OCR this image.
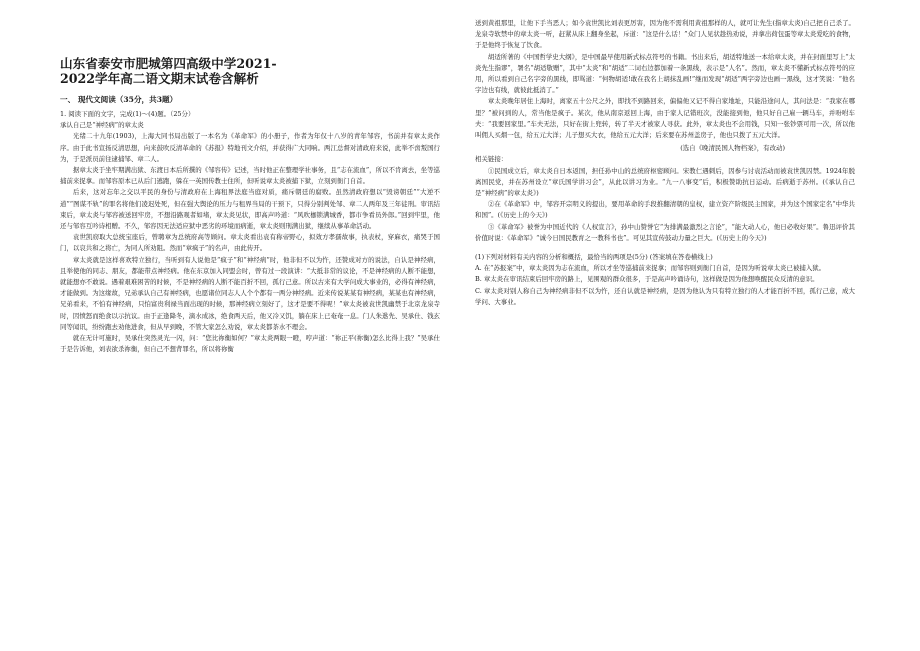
山东省泰安市肥城第四高级中学2021-
2022学年高二语文期末试卷含解析
一、 现代文阅读（35分，共3题）

1. 阅读下面的文字，完成(1)～(4)题。（25分）

承认自己是“神经病”的章太炎

光绪二十九年(1903)，上海大同书局出版了一本名为《革命军》的小册子，作者为年仅十八岁的青年邹容，书前并有章太炎作序。由于此书宣扬反清思想，向来鼓吹反清革命的《苏报》特地刊文介绍，并获得广大同响。两江总督对清政府来说，此举不啻叛国行为，于是派员前往逮捕邹、章二人。

据章太炎于坐牢期满出狱、东渡日本后所撰的《邹容传》记述，当时他正在整理学社事务，且“志在流血”，所以不肯离去，坐等巡捕前来捉拿。而邹容原本已从后门逃跑，躲在一英国传教士住所，但听说章太炎被捕下狱，立刻到衙门自首。

后来，这对忘年之交以平民的身份与清政府在上海租界法庭当庭对质，痛斥朝廷的腐败。虽然清政府想以“毁谤朝廷”“大逆不道”“图谋不轨”的罪名将他们凌迟处死，但在强大舆论的压力与租界当局的干预下，只得分别判处邹、章二人两年及三年徒刑。审讯结束后，章太炎与邹容被送回牢房，不想沿路观者如堵，章太炎见状，即高声吟道：“风吹枷锁满城香，都市争看员外郎。”回到牢里，他还与邹容互吟诗相赠。不久，邹容因无法适应狱中恶劣的环境而病逝，章太炎则刑满出狱，继续从事革命活动。

袁世凯窃取大总统宝座后，曾聘章为总统府高等顾问。章太炎看出袁有称帝野心，拟效方孝孺故事，执表杖，穿麻衣，痛哭于国门，以哀共和之将亡，为同人所劝阻。然而“章疯子”的名声，由此传开。

章太炎就是这样喜欢特立独行，当听到有人说他是“疯子”和“神经病”时，他非但不以为忤，还赞成对方的说法，自认是神经病，且举使他的同志、朋友，都能带点神经病。他在东京加入同盟会时，曾有过一段演讲：“大抵非常的议论，不是神经病的人断不能想，就能想亦不敢说。遇着艰难困苦的时候，不是神经病的人断不能百折不回，孤行己意。所以古来有大学问成大事业的，必得有神经病，才能做到。为这缘故，兄弟承认自己有神经病，也愿诸位同志人人个个都有一两分神经病。近来传说某某有神经病，某某也有神经病，兄弟看来，不怕有神经病，只怕富贵利禄当面出现的时候，那神经病立刻好了，这才是要不得呢！”章太炎被袁世凯幽禁于北京龙泉寺时，因愤怒而绝食以示抗议。由于正逢降冬，滴水成冰，绝食两天后，他又冷又饥，躺在床上已奄奄一息。门人朱逖先、吴承仕、钱玄同等闻讯，纷纷跑去劝他进食，但从早到晚，不管大家怎么劝说，章太炎都茶水不理会。

就在无计可施时，吴承仕突然灵光一闪，问：“您比祢衡如何？”章太炎两眼一瞪，哼声道：“祢正平(祢衡)怎么比得上我？”吴承仕于是告诉他，刘表欲杀祢衡，但自己不想背罪名，所以将祢衡

送到黄祖那里，让他下手当恶人；如今袁世凯比刘表更厉害，因为他不需利用黄祖那样的人，就可让先生(指章太炎)自己把自己杀了。龙泉寺软禁中的章太炎一听，赶紧从床上翻身坐起，斥道：“这是什么话！”众门人见状趁热劝说，并拿出荷包蛋等章太炎爱吃的食物，于是他终于恢复了饮食。

胡适所著的《中国哲学史大纲》，是中国最早使用新式标点符号的书籍。书出来后，胡适特地送一本给章太炎，并在封面里写上“太炎先生指谬”，署名“胡适敬赠”，其中“太炎”和“胡适”二词右边都加着一条黑线，表示是“人名”。然而，章太炎不懂新式标点符号的应用，所以看到自己名字旁的黑线，即骂道：“何物胡适!敢在我名上胡抹乱画!”继而发现“胡适”两字旁边也画一黑线，这才笑说：“他名字边也有线，就彼此抵消了。”

章太炎晚年居住上海时，离家五十公尺之外，即找不到路回来，偏偏他又记不得自家地址，只能沿途问人，其问法是：“我家在哪里？”被问到的人，常当他是疯子。某次，他从南京返回上海，由于家人记错班次，没能接到他，他只好自己雇一辆马车，并吩咐车夫：“我要回家里。”车夫无法，只好在街上兜转，转了半天才被家人寻获。此外，章太炎也不会用钱，只知一张钞票可用一次，所以他叫佣人买烟一包，给五元大洋；儿子想买大衣，他给五元大洋；后来要在苏州盖房子，他也只拨了五元大洋。

(选自《晚清民国人物档案》，有改动)

相关链接：

①民国成立后，章太炎自日本返国，担任孙中山的总统府枢密顾问。宋教仁遇刺后，因参与讨袁活动而被袁世凯囚禁。1924年脱离国民党，并在苏州设立“章氏国学讲习会”，从此以讲习为业。“九一八事变”后，积极赞助抗日运动。后病逝于苏州。(《承认自己是“神经病”的章太炎》)

②在《革命军》中，邹容开宗明义的提出，要用革命的手段推翻清朝的皇权，建立资产阶级民主国家，并为这个国家定名“中华共和国”。(《历史上的今天》)

③《革命军》被誉为中国近代的《人权宣言》，孙中山赞誉它“为排满最激烈之言论”，“能大动人心，他日必收好果”。鲁迅评价其价值时说：《革命军》“诚今日国民教育之一教科书也”。可见其宣传鼓动力量之巨大。(《历史上的今天》)

(1)下列对材料有关内容的分析和概括，最恰当的两项是(5分) (答案填在答卷横线上)

A. 在“苏报案”中，章太炎因为志在流血，所以才坐等巡捕前来捉拿；而邹容则到衙门自首，是因为听说章太炎已被捕入狱。

B. 章太炎在审讯结束后回牢房的路上，见围观的群众很多，于是高声吟诵诗句，这样做是因为他想唤醒民众反清的意识。

C. 章太炎对别人称自己为神经病非但不以为忤，还自认就是神经病，是因为他认为只有特立独行的人才能百折不回，孤行己意，成大学问、大事业。
